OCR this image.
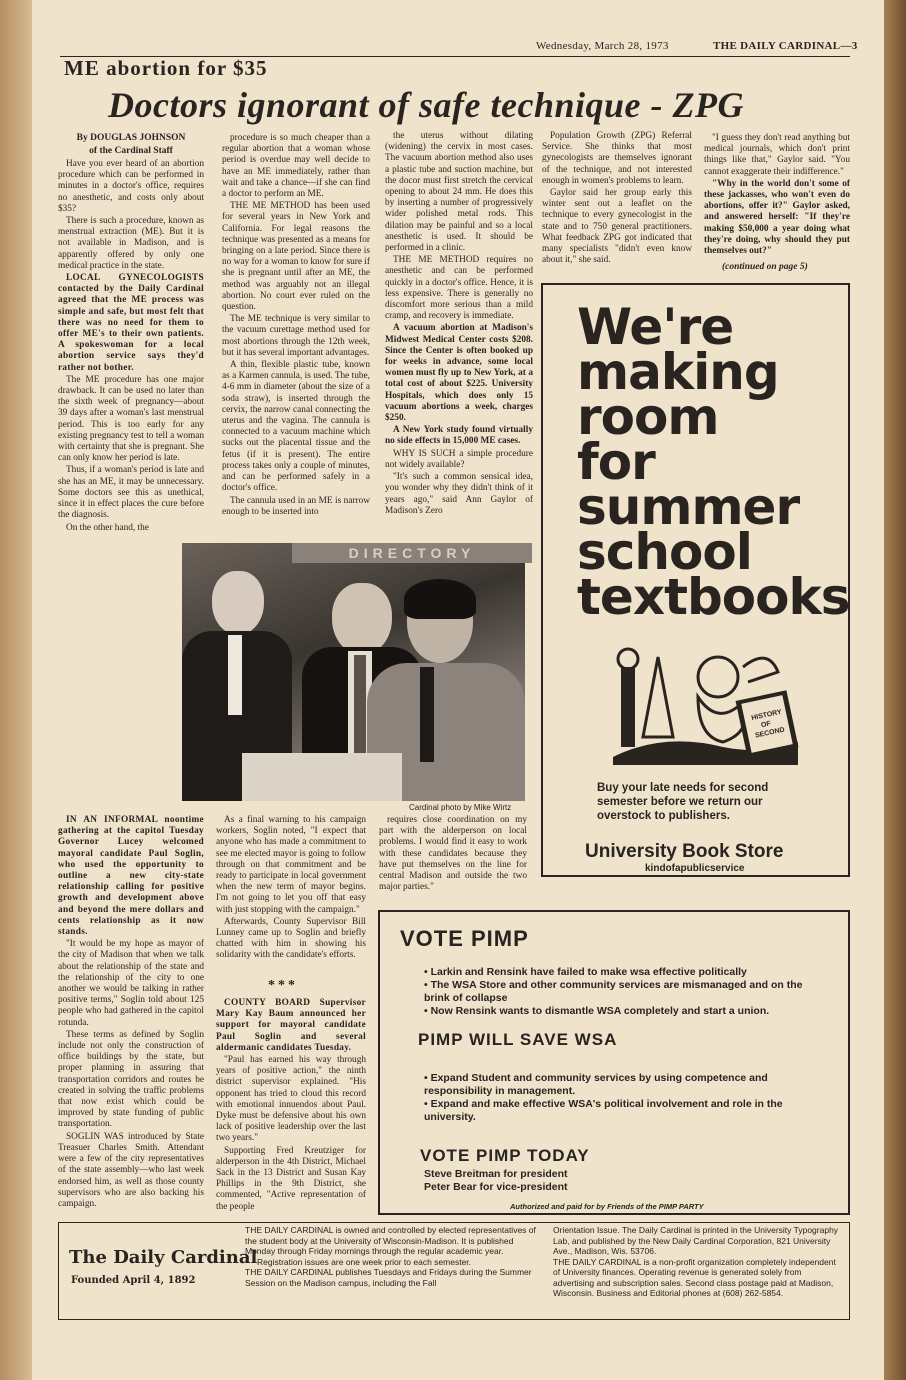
Wednesday, March 28, 1973	THE DAILY CARDINAL—3
ME abortion for $35
Doctors ignorant of safe technique - ZPG
By DOUGLAS JOHNSON
of the Cardinal Staff

Have you ever heard of an abortion procedure which can be performed in minutes in a doctor's office, requires no anesthetic, and costs only about $35?

There is such a procedure, known as menstrual extraction (ME). But it is not available in Madison, and is apparently offered by only one medical practice in the state.

LOCAL GYNECOLOGISTS contacted by the Daily Cardinal agreed that the ME process was simple and safe, but most felt that there was no need for them to offer ME's to their own patients. A spokeswoman for a local abortion service says they'd rather not bother.

The ME procedure has one major drawback. It can be used no later than the sixth week of pregnancy—about 39 days after a woman's last menstrual period. This is too early for any existing pregnancy test to tell a woman with certainty that she is pregnant. She can only know her period is late.

Thus, if a woman's period is late and she has an ME, it may be unnecessary. Some doctors see this as unethical, since it in effect places the cure before the diagnosis.

On the other hand, the

procedure is so much cheaper than a regular abortion that a woman whose period is overdue may well decide to have an ME immediately, rather than wait and take a chance—if she can find a doctor to perform an ME.

THE ME METHOD has been used for several years in New York and California. For legal reasons the technique was presented as a means for bringing on a late period. Since there is no way for a woman to know for sure if she is pregnant until after an ME, the method was arguably not an illegal abortion. No court ever ruled on the question.

The ME technique is very similar to the vacuum curettage method used for most abortions through the 12th week, but it has several important advantages.

A thin, flexible plastic tube, known as a Karmen cannula, is used. The tube, 4-6 mm in diameter (about the size of a soda straw), is inserted through the cervix, the narrow canal connecting the uterus and the vagina. The cannula is connected to a vacuum machine which sucks out the placental tissue and the fetus (if it is present). The entire process takes only a couple of minutes, and can be performed safely in a doctor's office.

The cannula used in an ME is narrow enough to be inserted into

the uterus without dilating (widening) the cervix in most cases. The vacuum abortion method also uses a plastic tube and suction machine, but the docor must first stretch the cervical opening to about 24 mm. He does this by inserting a number of progressively wider polished metal rods. This dilation may be painful and so a local anesthetic is used. It should be performed in a clinic.

THE ME METHOD requires no anesthetic and can be performed quickly in a doctor's office. Hence, it is less expensive. There is generally no discomfort more serious than a mild cramp, and recovery is immediate.

A vacuum abortion at Madison's Midwest Medical Center costs $208. Since the Center is often booked up for weeks in advance, some local women must fly up to New York, at a total cost of about $225. University Hospitals, which does only 15 vacuum abortions a week, charges $250.

A New York study found virtually no side effects in 15,000 ME cases.

WHY IS SUCH a simple procedure not widely available?

"It's such a common sensical idea, you wonder why they didn't think of it years ago," said Ann Gaylor of Madison's Zero

Population Growth (ZPG) Referral Service. She thinks that most gynecologists are themselves ignorant of the technique, and not interested enough in women's problems to learn.

Gaylor said her group early this winter sent out a leaflet on the technique to every gynecologist in the state and to 750 general practitioners. What feedback ZPG got indicated that many specialists "didn't even know about it," she said.

"I guess they don't read anything but medical journals, which don't print things like that," Gaylor said. "You cannot exaggerate their indifference."

"Why in the world don't some of these jackasses, who won't even do abortions, offer it?" Gaylor asked, and answered herself: "If they're making $50,000 a year doing what they're doing, why should they put themselves out?"

(continued on page 5)
DIRECTORY
Cardinal photo by Mike Wirtz

IN AN INFORMAL noontime gathering at the capitol Tuesday Governor Lucey welcomed mayoral candidate Paul Soglin, who used the opportunity to outline a new city-state relationship calling for positive growth and development above and beyond the mere dollars and cents relationship as it now stands.

"It would be my hope as mayor of the city of Madison that when we talk about the relationship of the state and the relationship of the city to one another we would be talking in rather positive terms," Soglin told about 125 people who had gathered in the capitol rotunda.

These terms as defined by Soglin include not only the construction of office buildings by the state, but proper planning in assuring that transportation corridors and routes be created in solving the traffic problems that now exist which could be improved by state funding of public transportation.

SOGLIN WAS introduced by State Treasuer Charles Smith. Attendant were a few of the city representatives of the state assembly—who last week endorsed him, as well as those county supervisors who are also backing his campaign.

As a final warning to his campaign workers, Soglin noted, "I expect that anyone who has made a commitment to see me elected mayor is going to follow through on that commitment and be ready to participate in local government when the new term of mayor begins. I'm not going to let you off that easy with just stopping with the campaign."

Afterwards, County Supervisor Bill Lunney came up to Soglin and briefly chatted with him in showing his solidarity with the candidate's efforts.

***

COUNTY BOARD Supervisor Mary Kay Baum announced her support for mayoral candidate Paul Soglin and several aldermanic candidates Tuesday.

"Paul has earned his way through years of positive action," the ninth district supervisor explained. "His opponent has tried to cloud this record with emotional innuendos about Paul. Dyke must be defensive about his own lack of positive leadership over the last two years."

Supporting Fred Kreutziger for alderperson in the 4th District, Michael Sack in the 13 District and Susan Kay Phillips in the 9th District, she commented, "Active representation of the people

requires close coordination on my part with the alderperson on local problems. I would find it easy to work with these candidates because they have put themselves on the line for central Madison and outside the two major parties."

We're
making
room
for
summer
school
textbooks
HISTORY
OF
SECOND
Buy your late needs for second semester before we return our overstock to publishers.
University Book Store
kindofapublicservice
VOTE PIMP
• Larkin and Rensink have failed to make wsa effective politically
• The WSA Store and other community services are mismanaged and on the brink of collapse
• Now Rensink wants to dismantle WSA completely and start a union.
PIMP WILL SAVE WSA
• Expand Student and community services by using competence and responsibility in management.
• Expand and make effective WSA's political involvement and role in the university.
VOTE PIMP TODAY
Steve Breitman for president
Peter Bear for vice-president
Authorized and paid for by Friends of the PIMP PARTY
The Daily Cardinal
Founded April 4, 1892
THE DAILY CARDINAL is owned and controlled by elected representatives of the student body at the University of Wisconsin-Madison. It is published Monday through Friday mornings through the regular academic year.
Registration issues are one week prior to each semester.
THE DAILY CARDINAL publishes Tuesdays and Fridays during the Summer Session on the Madison campus, including the Fall
Orientation Issue. The Daily Cardinal is printed in the University Typography Lab, and published by the New Daily Cardinal Corporation, 821 University Ave., Madison, Wis. 53706.
THE DAILY CARDINAL is a non-profit organization completely independent of University finances. Operating revenue is generated solely from advertising and subscription sales. Second class postage paid at Madison, Wisconsin. Business and Editorial phones at (608) 262-5854.
